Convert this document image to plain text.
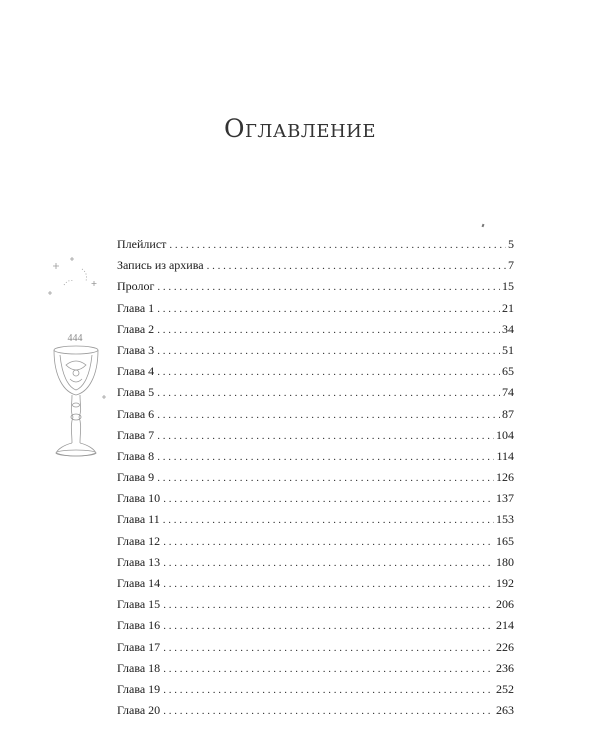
Оглавление
444
Плейлист . . .	5
Запись из архива . . .	7
Пролог . . .	15
Глава 1 . . .	21
Глава 2 . . .	34
Глава 3 . . .	51
Глава 4 . . .	65
Глава 5 . . .	74
Глава 6 . . .	87
Глава 7 . . .	104
Глава 8 . . .	114
Глава 9 . . .	126
Глава 10 . . .	137
Глава 11 . . .	153
Глава 12 . . .	165
Глава 13 . . .	180
Глава 14 . . .	192
Глава 15 . . .	206
Глава 16 . . .	214
Глава 17 . . .	226
Глава 18 . . .	236
Глава 19 . . .	252
Глава 20 . . .	263
